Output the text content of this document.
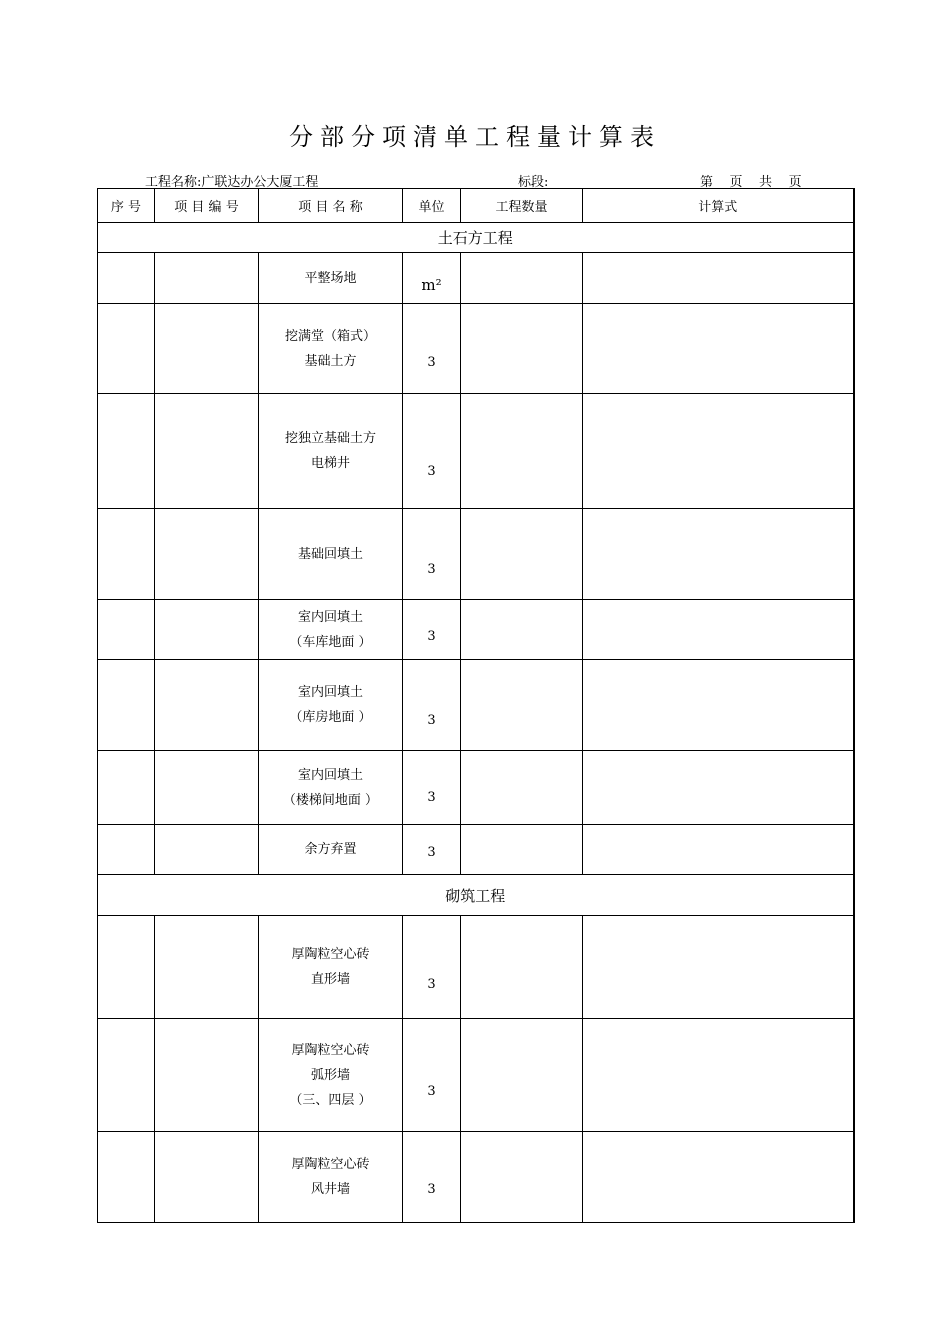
分部分项清单工程量计算表
工程名称:广联达办公大厦工程	标段:	第    页    共    页
序 号	项 目 编 号	项 目 名 称	单位	工程数量	计算式
土石方工程					

		平整场地	m²		

		挖满堂（箱式）
基础土方	3		

		挖独立基础土方
电梯井	3		

		基础回填土	3		

		室内回填土
（车库地面 ）	3		

		室内回填土
（库房地面 ）	3		

		室内回填土
（楼梯间地面 ）	3		

		余方弃置	3		
砌筑工程					

		厚陶粒空心砖
直形墙	3		

		厚陶粒空心砖
弧形墙
（三、四层 ）	3		

		厚陶粒空心砖
风井墙	3		
